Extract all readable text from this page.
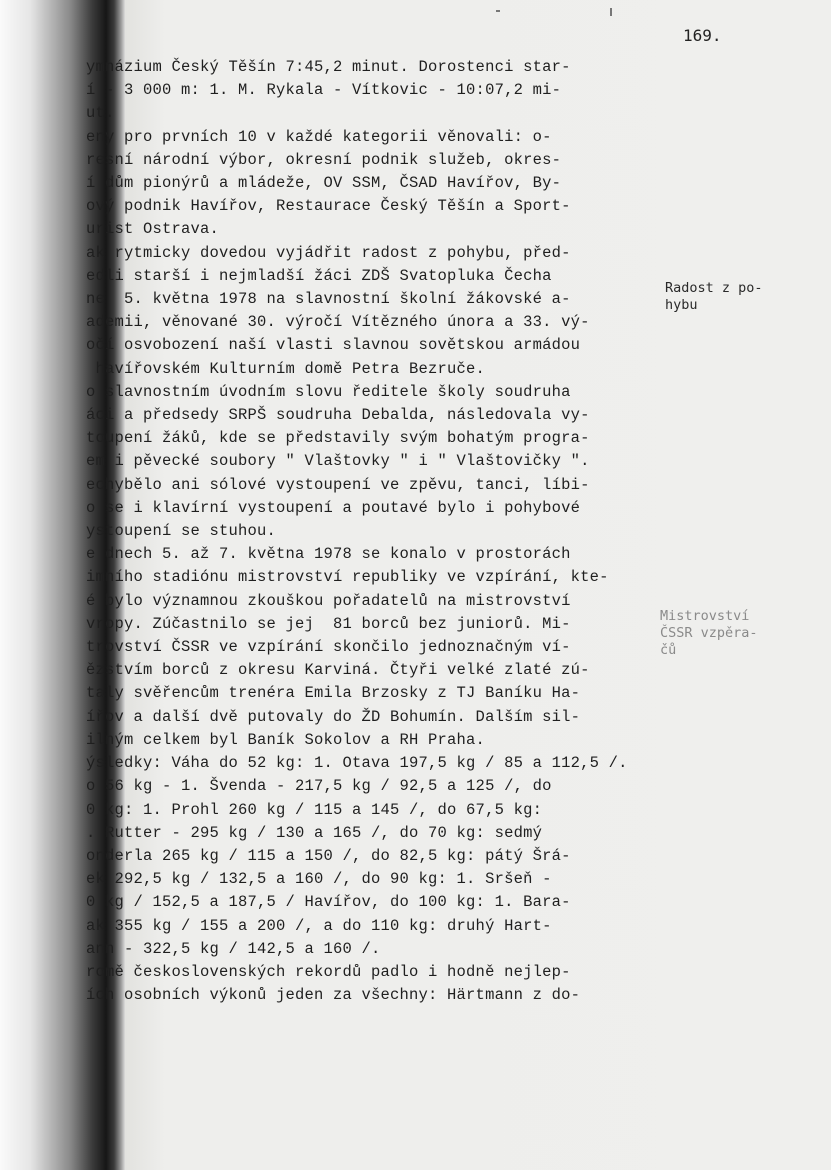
169.
ymnázium Český Těšín 7:45,2 minut. Dorostenci star-
í - 3 000 m: 1. M. Rykala - Vítkovic - 10:07,2 mi-
ut.
eny pro prvních 10 v každé kategorii věnovali: o-
resní národní výbor, okresní podnik služeb, okres-
í dům pionýrů a mládeže, OV SSM, ČSAD Havířov, By-
ový podnik Havířov, Restaurace Český Těšín a Sport-
urist Ostrava.
ak rytmicky dovedou vyjádřit radost z pohybu, před-
edli starší i nejmladší žáci ZDŠ Svatopluka Čecha
ne  5. května 1978 na slavnostní školní žákovské a-
ademii, věnované 30. výročí Vítězného února a 33. vý-
očí osvobození naší vlasti slavnou sovětskou armádou
havířovském Kulturním domě Petra Bezruče.
o slavnostním úvodním slovu ředitele školy soudruha
áci a předsedy SRPŠ soudruha Debalda, následovala vy-
toupení žáků, kde se představily svým bohatým progra-
em i pěvecké soubory " Vlaštovky " i " Vlaštovičky ".
echybělo ani sólové vystoupení ve zpěvu, tanci, líbi-
o se i klavírní vystoupení a poutavé bylo i pohybové
ystoupení se stuhou.
e dnech 5. až 7. května 1978 se konalo v prostorách
imního stadiónu mistrovství republiky ve vzpírání, kte-
é bylo významnou zkouškou pořadatelů na mistrovství
vropy. Zúčastnilo se jej  81 borců bez juniorů. Mi-
trovství ČSSR ve vzpírání skončilo jednoznačným ví-
ězstvím borců z okresu Karviná. Čtyři velké zlaté zú-
taly svěřencům trenéra Emila Brzosky z TJ Baníku Ha-
ířov a další dvě putovaly do ŽD Bohumín. Dalším sil-
ilným celkem byl Baník Sokolov a RH Praha.
ýsledky: Váha do 52 kg: 1. Otava 197,5 kg / 85 a 112,5 /.
o 56 kg - 1. Švenda - 217,5 kg / 92,5 a 125 /, do
0 kg: 1. Prohl 260 kg / 115 a 145 /, do 67,5 kg:
. Rutter - 295 kg / 130 a 165 /, do 70 kg: sedmý
onderla 265 kg / 115 a 150 /, do 82,5 kg: pátý Šrá-
ek 292,5 kg / 132,5 a 160 /, do 90 kg: 1. Sršeň -
0 kg / 152,5 a 187,5 / Havířov, do 100 kg: 1. Bara-
ak 355 kg / 155 a 200 /, a do 110 kg: druhý Hart-
ann - 322,5 kg / 142,5 a 160 /.
romě československých rekordů padlo i hodně nejlep-
ích osobních výkonů jeden za všechny: Härtmann z do-

Radost z po-
hybu
Mistrovství
ČSSR vzpěra-
čů
